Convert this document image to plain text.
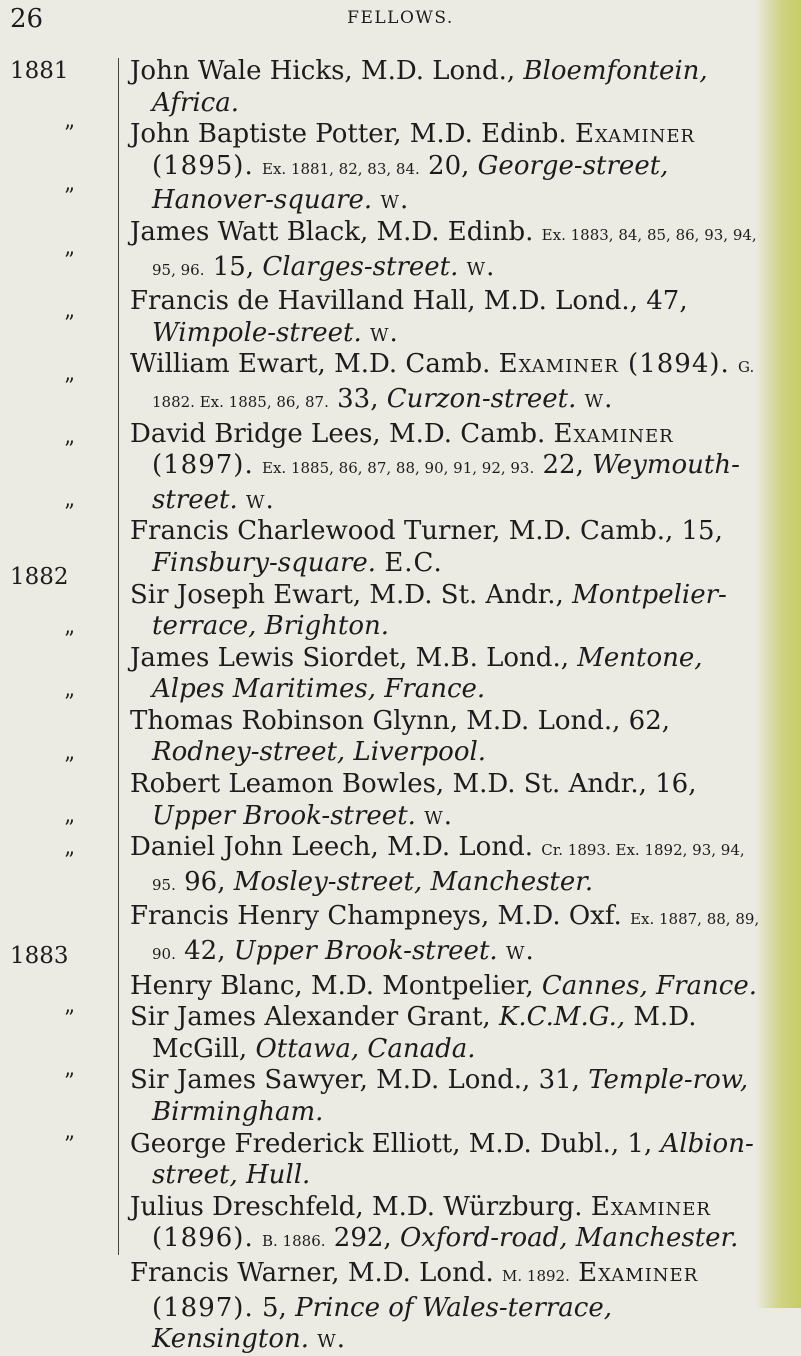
26	FELLOWS.
1881
1882
1883
”
”
”
”
”
”
”
”
”
”
”
”
”
”
”

John Wale Hicks, M.D. Lond., Bloemfontein, Africa.

John Baptiste Potter, M.D. Edinb. Examiner (1895). Ex. 1881, 82, 83, 84. 20, George-street, Hanover-square. w.

James Watt Black, M.D. Edinb. Ex. 1883, 84, 85, 86, 93, 94, 95, 96. 15, Clarges-street. w.

Francis de Havilland Hall, M.D. Lond., 47, Wimpole-street. w.

William Ewart, M.D. Camb. Examiner (1894). G. 1882. Ex. 1885, 86, 87. 33, Curzon-street. w.

David Bridge Lees, M.D. Camb. Examiner (1897). Ex. 1885, 86, 87, 88, 90, 91, 92, 93. 22, Weymouth-street. w.

Francis Charlewood Turner, M.D. Camb., 15, Finsbury-square. E.C.

Sir Joseph Ewart, M.D. St. Andr., Montpelier-terrace, Brighton.

James Lewis Siordet, M.B. Lond., Mentone, Alpes Maritimes, France.

Thomas Robinson Glynn, M.D. Lond., 62, Rodney-street, Liverpool.

Robert Leamon Bowles, M.D. St. Andr., 16, Upper Brook-street. w.

Daniel John Leech, M.D. Lond. Cr. 1893. Ex. 1892, 93, 94, 95. 96, Mosley-street, Manchester.

Francis Henry Champneys, M.D. Oxf. Ex. 1887, 88, 89, 90. 42, Upper Brook-street. w.

Henry Blanc, M.D. Montpelier, Cannes, France.

Sir James Alexander Grant, K.C.M.G., M.D. McGill, Ottawa, Canada.

Sir James Sawyer, M.D. Lond., 31, Temple-row, Birmingham.

George Frederick Elliott, M.D. Dubl., 1, Albion-street, Hull.

Julius Dreschfeld, M.D. Würzburg. Examiner (1896). B. 1886. 292, Oxford-road, Manchester.

Francis Warner, M.D. Lond. M. 1892. Examiner (1897). 5, Prince of Wales-terrace, Kensington. w.
